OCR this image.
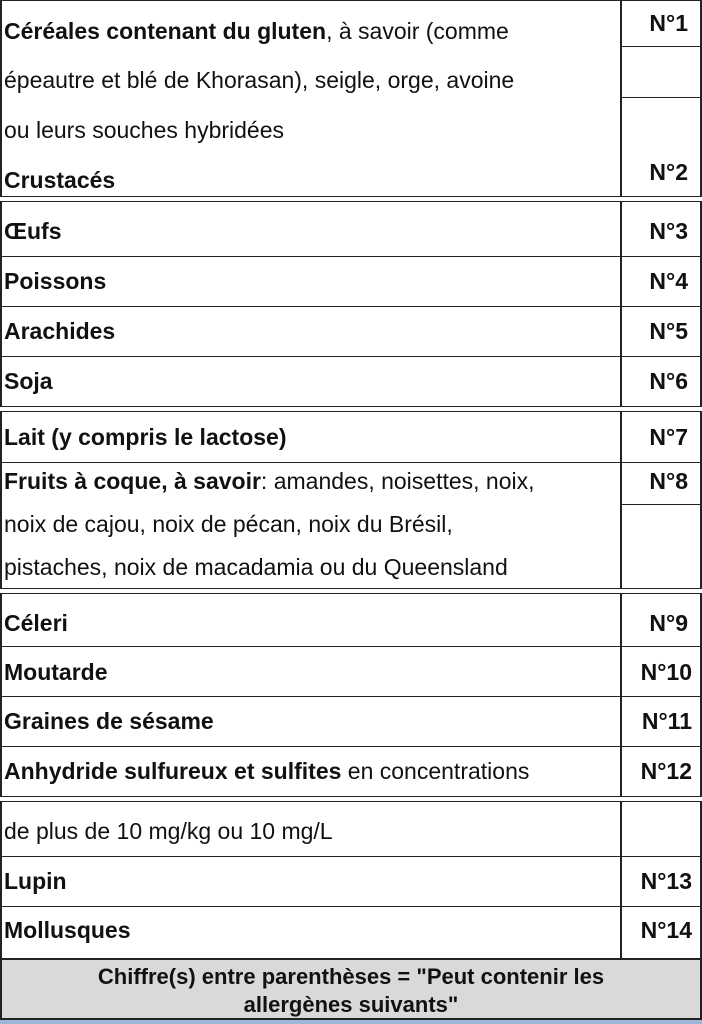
Céréales contenant du gluten, à savoir (comme	N°1
épeautre et blé de Khorasan), seigle, orge, avoine
ou leurs souches hybridées
Crustacés	N°2
Œufs	N°3
Poissons	N°4
Arachides	N°5
Soja	N°6
Lait (y compris le lactose)	N°7
Fruits à coque, à savoir: amandes, noisettes, noix,	N°8
noix de cajou, noix de pécan, noix du Brésil,
pistaches, noix de macadamia ou du Queensland
Céleri	N°9
Moutarde	N°10
Graines de sésame	N°11
Anhydride sulfureux et sulfites en concentrations	N°12
de plus de 10 mg/kg ou 10 mg/L
Lupin	N°13
Mollusques	N°14
Chiffre(s) entre parenthèses = "Peut contenir les
allergènes suivants"
